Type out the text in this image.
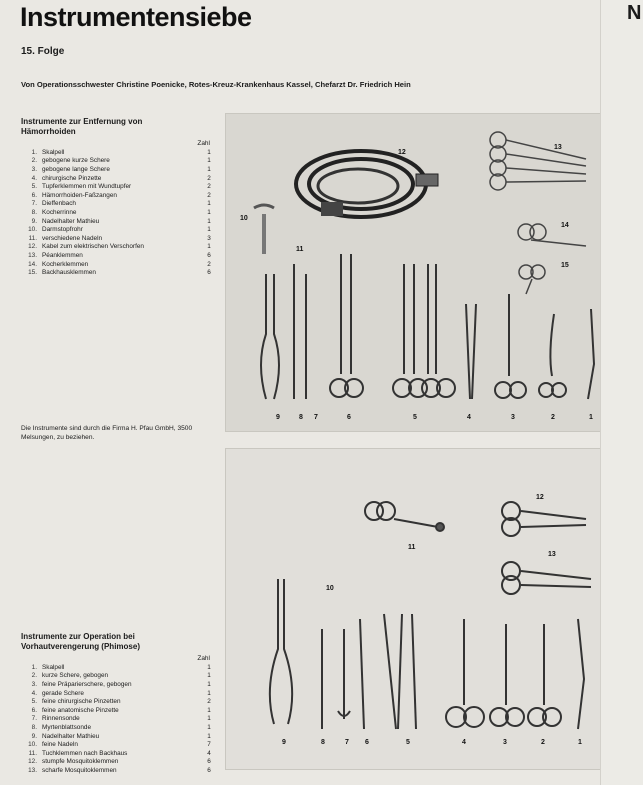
Instrumentensiebe
15. Folge
Von Operationsschwester Christine Poenicke, Rotes-Kreuz-Krankenhaus Kassel, Chefarzt Dr. Friedrich Hein
Instrumente zur Entfernung von
Hämorrhoiden
Zahl
1. Skalpell	1
2. gebogene kurze Schere	1
3. gebogene lange Schere	1
4. chirurgische Pinzette	2
5. Tupferklemmen mit Wundtupfer	2
6. Hämorrhoiden-Faßzangen	2
7. Dieffenbach	1
8. Kocherrinne	1
9. Nadelhalter Mathieu	1
10. Darmstopfrohr	1
11. verschiedene Nadeln	3
12. Kabel zum elektrischen Verschorfen	1
13. Péanklemmen	6
14. Kocherklemmen	2
15. Backhausklemmen	6
Die Instrumente sind durch die Firma H. Pfau GmbH, 3500 Melsungen, zu beziehen.
Instrumente zur Operation bei
Vorhautverengerung (Phimose)
Zahl
1. Skalpell	1
2. kurze Schere, gebogen	1
3. feine Präparierschere, gebogen	1
4. gerade Schere	1
5. feine chirurgische Pinzetten	2
6. feine anatomische Pinzette	1
7. Rinnensonde	1
8. Myrtenblattsonde	1
9. Nadelhalter Mathieu	1
10. feine Nadeln	7
11. Tuchklemmen nach Backhaus	4
12. stumpfe Mosquitoklemmen	6
13. scharfe Mosquitoklemmen	6
12
13
10
14
11
15
9	8 7	6	5	4	3	2	1
12
11
13
10
9	8	7 6	5	4	3	2	1
N
